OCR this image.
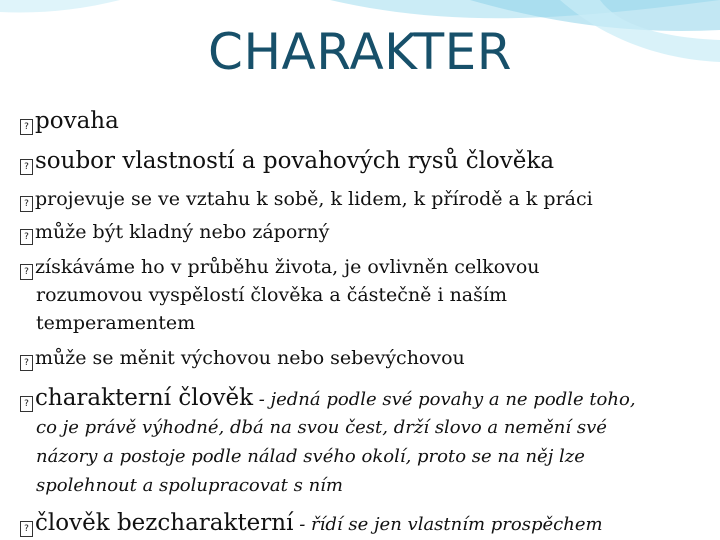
CHARAKTER
? povaha
? soubor vlastností a povahových rysů člověka
? projevuje se ve vztahu k sobě, k lidem, k přírodě a k práci
? může být kladný nebo záporný
? získáváme ho v průběhu života, je ovlivněn celkovou
rozumovou vyspělostí člověka a částečně i naším
temperamentem
? může se měnit výchovou nebo sebevýchovou
? charakterní člověk - jedná podle své povahy a ne podle toho,
co je právě výhodné, dbá na svou čest, drží slovo a nemění své
názory a postoje podle nálad svého okolí, proto se na něj lze
spolehnout a spolupracovat s ním
? člověk bezcharakterní - řídí se jen vlastním prospěchem
